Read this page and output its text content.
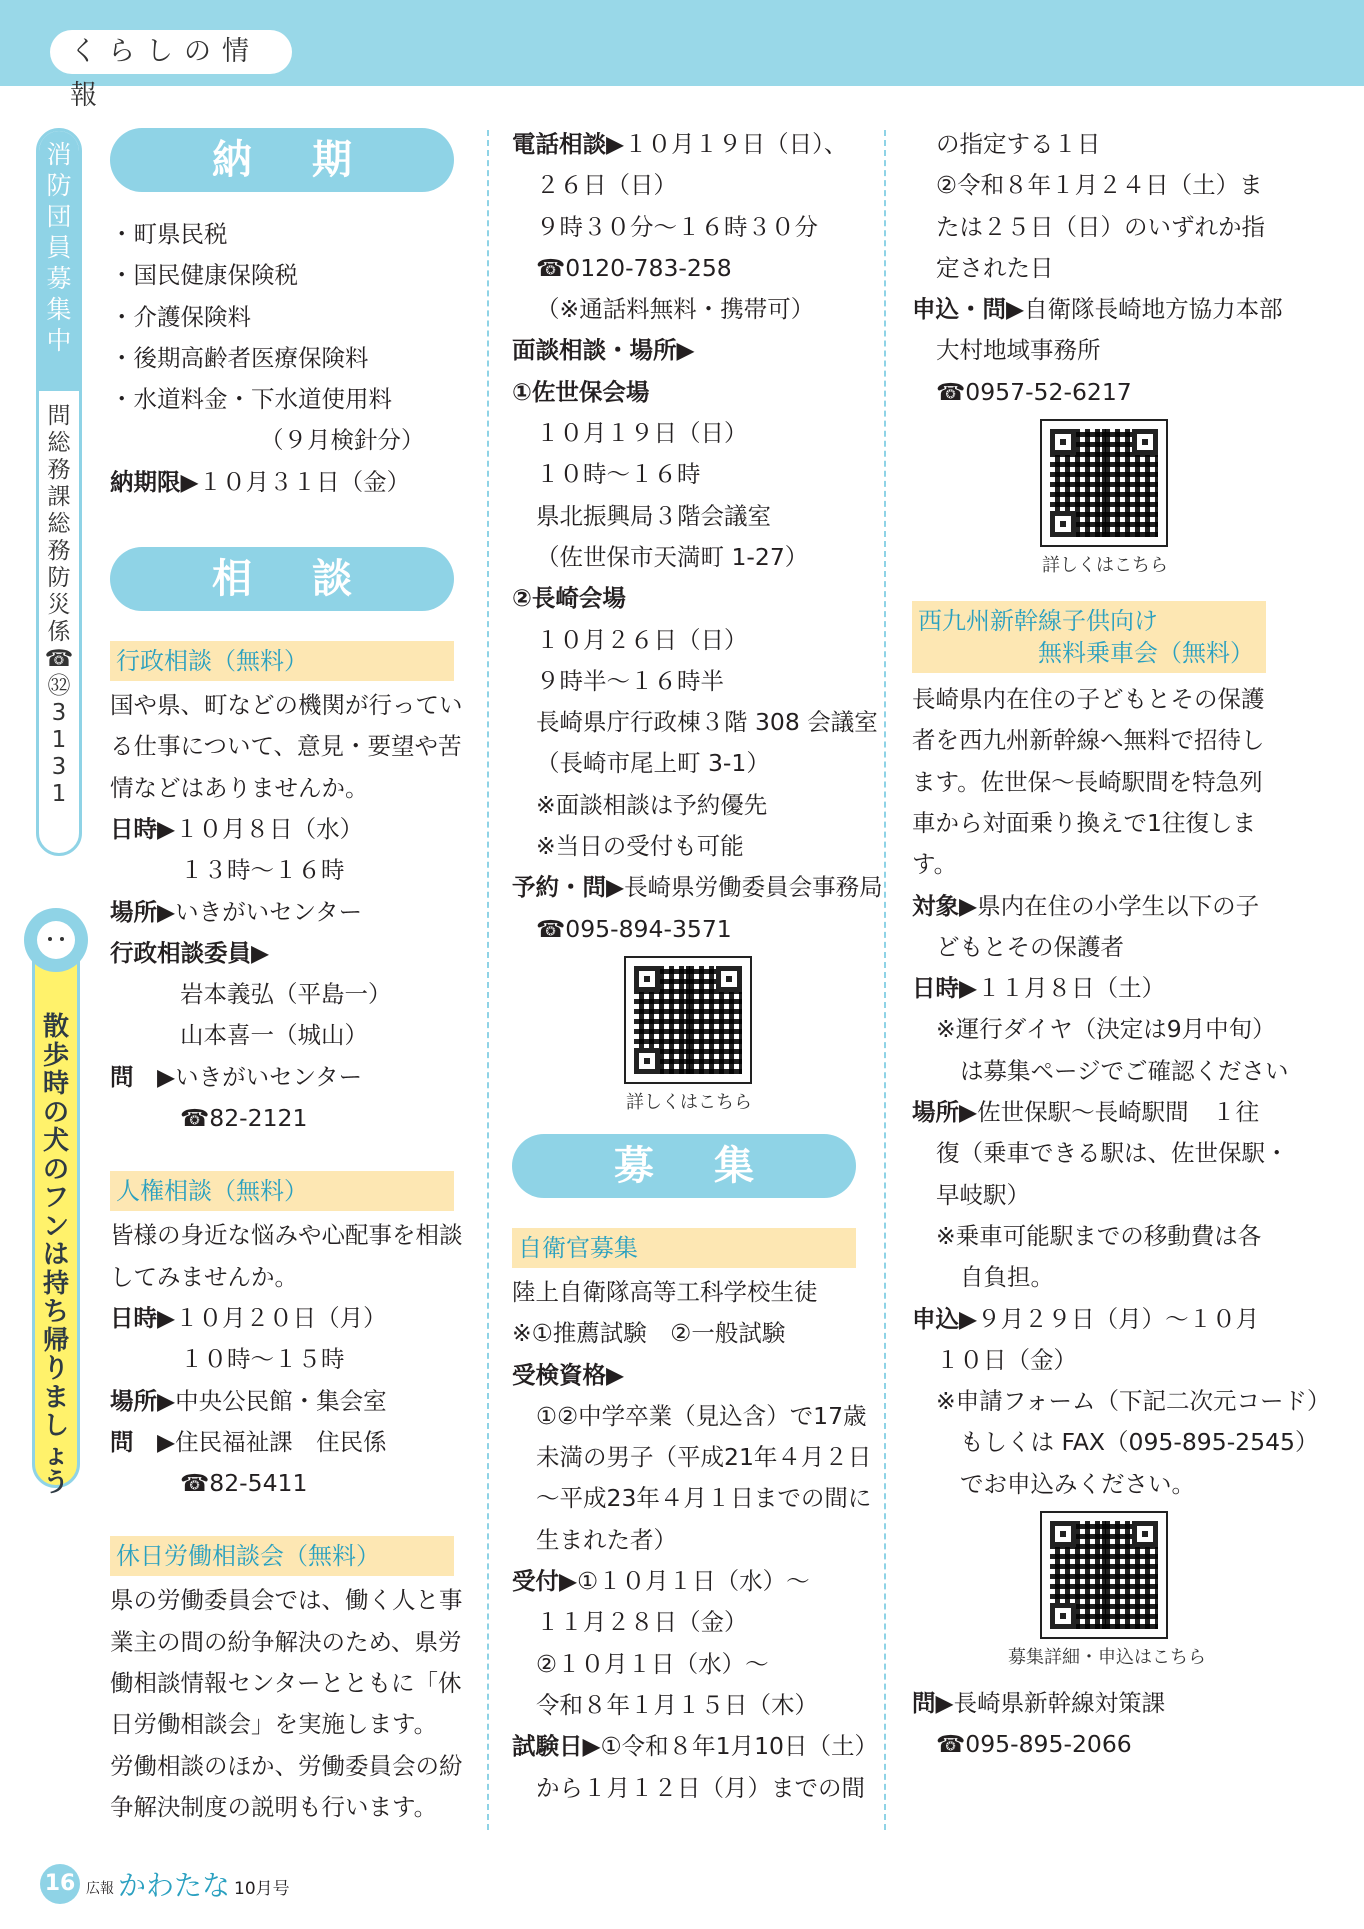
くらしの情報
消
防
団
員
募
集
中
問
総
務
課
総
務
防
災
係
☎
㉜
3
1
3
1
散
歩
時
の
犬
の
フ
ン
は
持
ち
帰
り
ま
し
ょ
う
納期
・町県民税
・国民健康保険税
・介護保険料
・後期高齢者医療保険料
・水道料金・下水道使用料
（９月検針分）
納期限▶１０月３１日（金）
相談
行政相談（無料）
国や県、町などの機関が行ってい
る仕事について、意見・要望や苦
情などはありませんか。
日時▶１０月８日（水）
１３時〜１６時
場所▶いきがいセンター
行政相談委員▶
岩本義弘（平島一）
山本喜一（城山）
問　▶いきがいセンター
☎82-2121
人権相談（無料）
皆様の身近な悩みや心配事を相談
してみませんか。
日時▶１０月２０日（月）
１０時〜１５時
場所▶中央公民館・集会室
問　▶住民福祉課　住民係
☎82-5411
休日労働相談会（無料）
県の労働委員会では、働く人と事
業主の間の紛争解決のため、県労
働相談情報センターとともに「休
日労働相談会」を実施します。
労働相談のほか、労働委員会の紛
争解決制度の説明も行います。
電話相談▶１０月１９日（日）、
２６日（日）
９時３０分〜１６時３０分
☎0120-783-258
（※通話料無料・携帯可）
面談相談・場所▶
①佐世保会場
１０月１９日（日）
１０時〜１６時
県北振興局３階会議室
（佐世保市天満町 1-27）
②長崎会場
１０月２６日（日）
９時半〜１６時半
長崎県庁行政棟３階 308 会議室
（長崎市尾上町 3-1）
※面談相談は予約優先
※当日の受付も可能
予約・問▶長崎県労働委員会事務局
☎095-894-3571
詳しくはこちら
募集
自衛官募集
陸上自衛隊高等工科学校生徒
※①推薦試験　②一般試験
受検資格▶
①②中学卒業（見込含）で17歳
未満の男子（平成21年４月２日
〜平成23年４月１日までの間に
生まれた者）
受付▶①１０月１日（水）〜
１１月２８日（金）
②１０月１日（水）〜
令和８年１月１５日（木）
試験日▶①令和８年1月10日（土）
から１月１２日（月）までの間
の指定する１日
②令和８年１月２４日（土）ま
たは２５日（日）のいずれか指
定された日
申込・問▶自衛隊長崎地方協力本部
大村地域事務所
☎0957-52-6217
詳しくはこちら
西九州新幹線子供向け
無料乗車会（無料）
長崎県内在住の子どもとその保護
者を西九州新幹線へ無料で招待し
ます。佐世保〜長崎駅間を特急列
車から対面乗り換えで1往復しま
す。
対象▶県内在住の小学生以下の子
どもとその保護者
日時▶１１月８日（土）
※運行ダイヤ（決定は9月中旬）
は募集ページでご確認ください
場所▶佐世保駅〜長崎駅間　１往
復（乗車できる駅は、佐世保駅・
早岐駅）
※乗車可能駅までの移動費は各
自負担。
申込▶９月２９日（月）〜１０月
１０日（金）
※申請フォーム（下記二次元コード）
もしくは FAX（095-895-2545）
でお申込みください。
募集詳細・申込はこちら
問▶長崎県新幹線対策課
☎095-895-2066
16 広報 かわたな 10月号
